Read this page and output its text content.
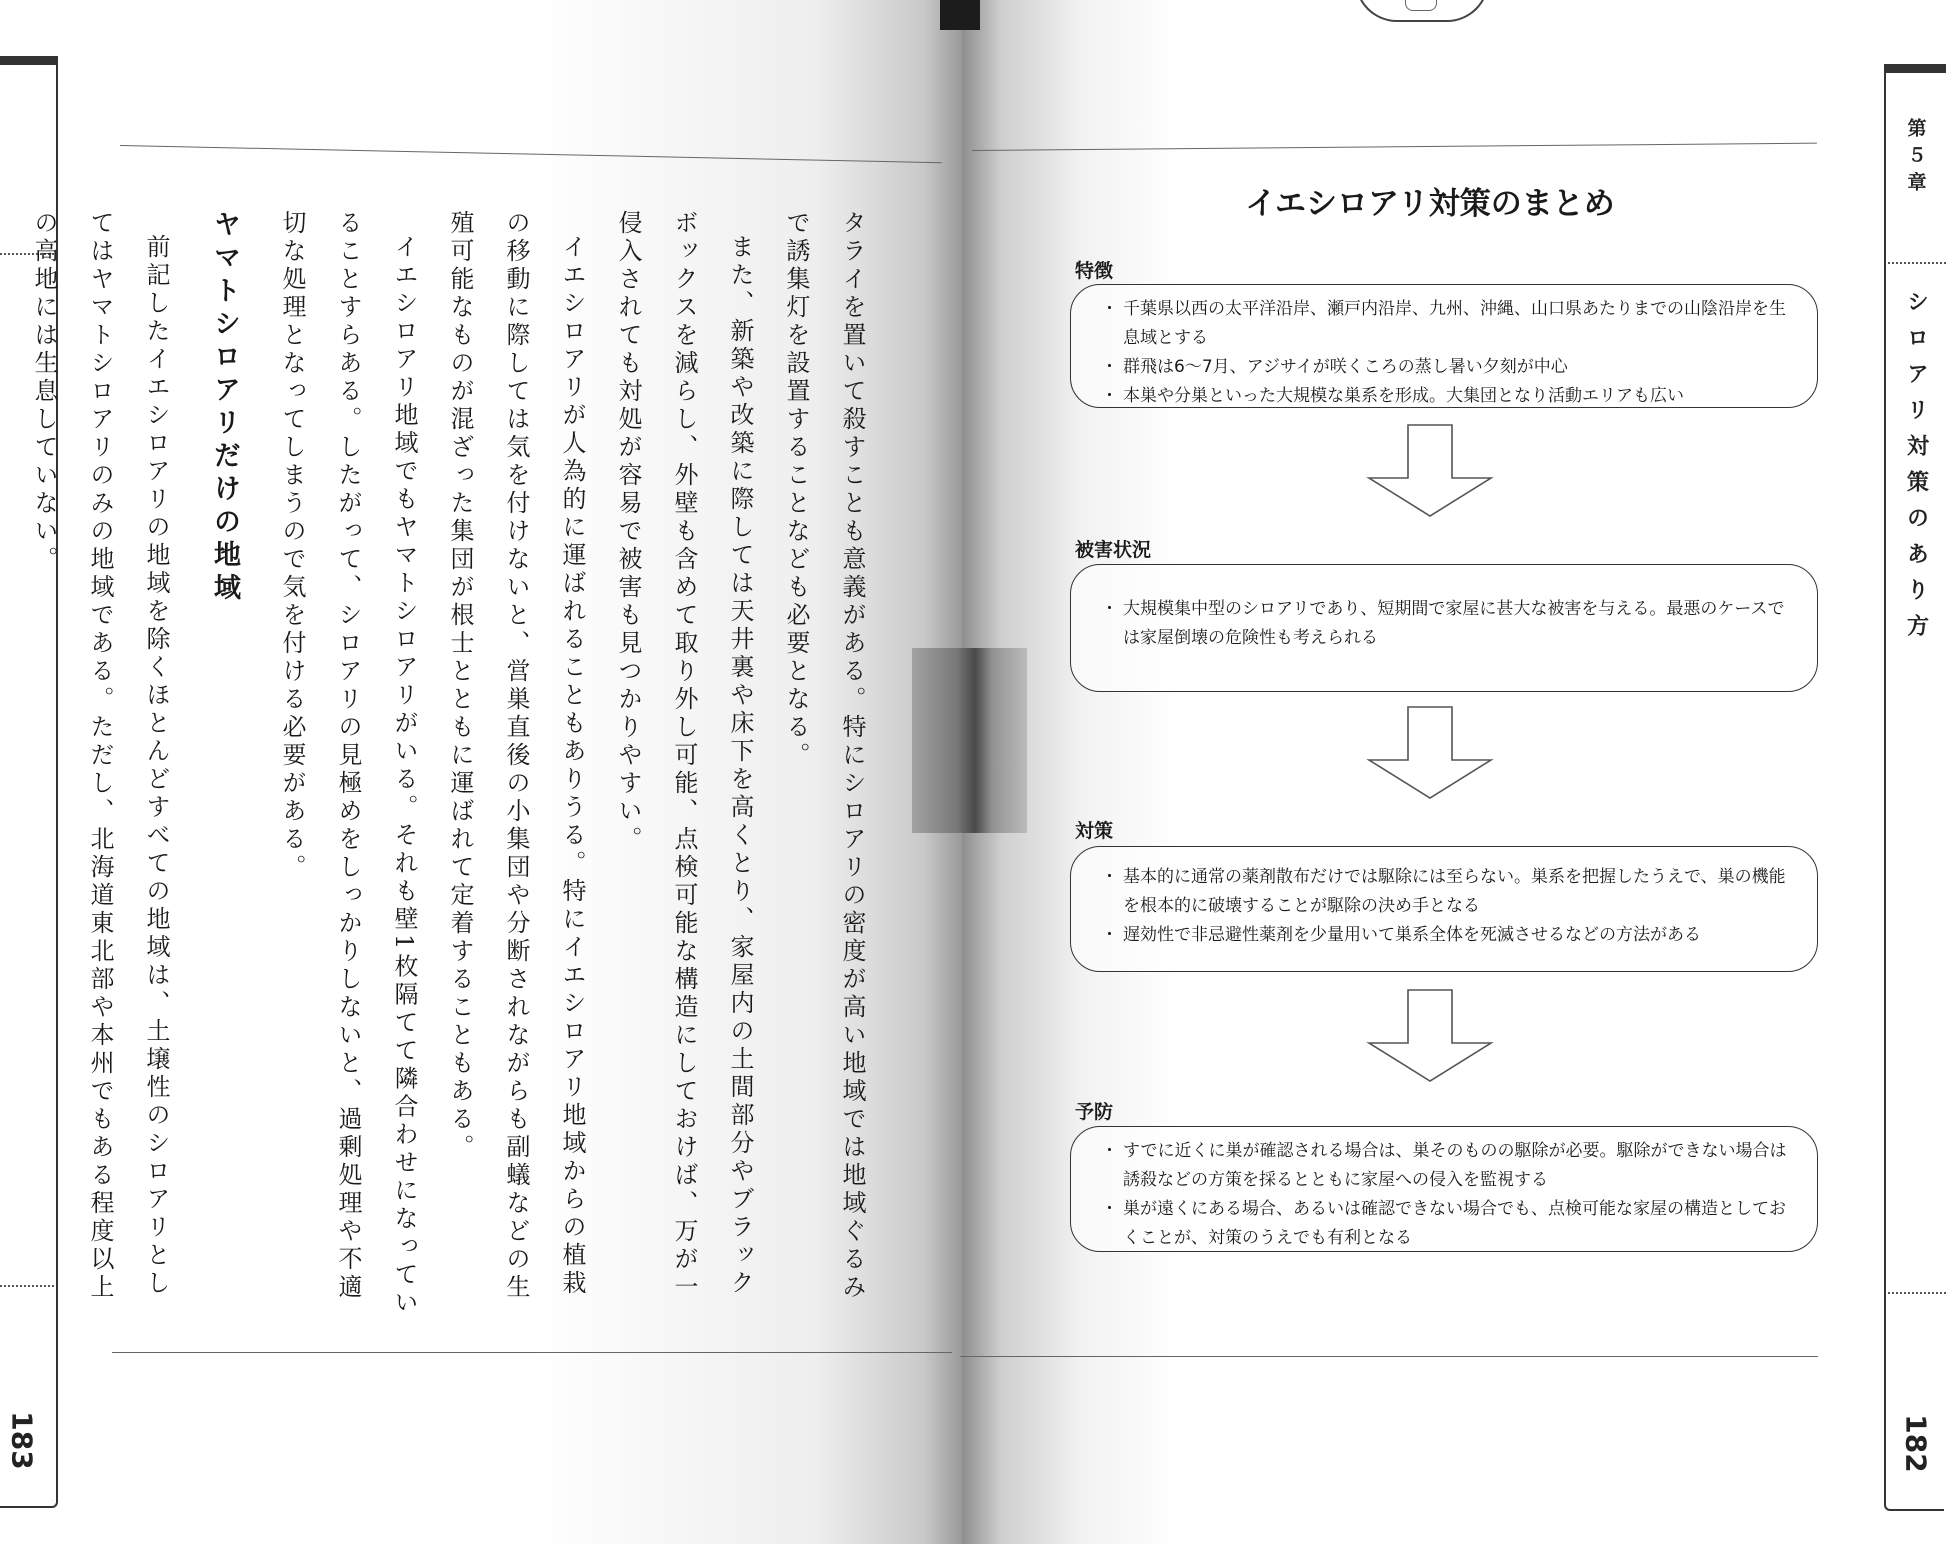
183
第５章
シロアリ対策のあり方
182

タライを置いて殺すことも意義がある。特にシロアリの密度が高い地域では地域ぐるみで誘集灯を設置することなども必要となる。

また、新築や改築に際しては天井裏や床下を高くとり、家屋内の土間部分やブラックボックスを減らし、外壁も含めて取り外し可能、点検可能な構造にしておけば、万が一侵入されても対処が容易で被害も見つかりやすい。

イエシロアリが人為的に運ばれることもありうる。特にイエシロアリ地域からの植栽の移動に際しては気を付けないと、営巣直後の小集団や分断されながらも副蟻などの生殖可能なものが混ざった集団が根士とともに運ばれて定着することもある。

イエシロアリ地域でもヤマトシロアリがいる。それも壁1枚隔てて隣合わせになっていることすらある。したがって、シロアリの見極めをしっかりしないと、過剰処理や不適切な処理となってしまうので気を付ける必要がある。

ヤマトシロアリだけの地域

前記したイエシロアリの地域を除くほとんどすべての地域は、土壌性のシロアリとしてはヤマトシロアリのみの地域である。ただし、北海道東北部や本州でもある程度以上の高地には生息していない。

イエシロアリ対策のまとめ
特徴
・ 千葉県以西の太平洋沿岸、瀬戸内沿岸、九州、沖縄、山口県あたりまでの山陰沿岸を生息域とする
・ 群飛は6〜7月、アジサイが咲くころの蒸し暑い夕刻が中心
・ 本巣や分巣といった大規模な巣系を形成。大集団となり活動エリアも広い
被害状況
・ 大規模集中型のシロアリであり、短期間で家屋に甚大な被害を与える。最悪のケースでは家屋倒壊の危険性も考えられる
対策
・ 基本的に通常の薬剤散布だけでは駆除には至らない。巣系を把握したうえで、巣の機能を根本的に破壊することが駆除の決め手となる
・ 遅効性で非忌避性薬剤を少量用いて巣系全体を死滅させるなどの方法がある
予防
・ すでに近くに巣が確認される場合は、巣そのものの駆除が必要。駆除ができない場合は誘殺などの方策を採るとともに家屋への侵入を監視する
・ 巣が遠くにある場合、あるいは確認できない場合でも、点検可能な家屋の構造としておくことが、対策のうえでも有利となる
